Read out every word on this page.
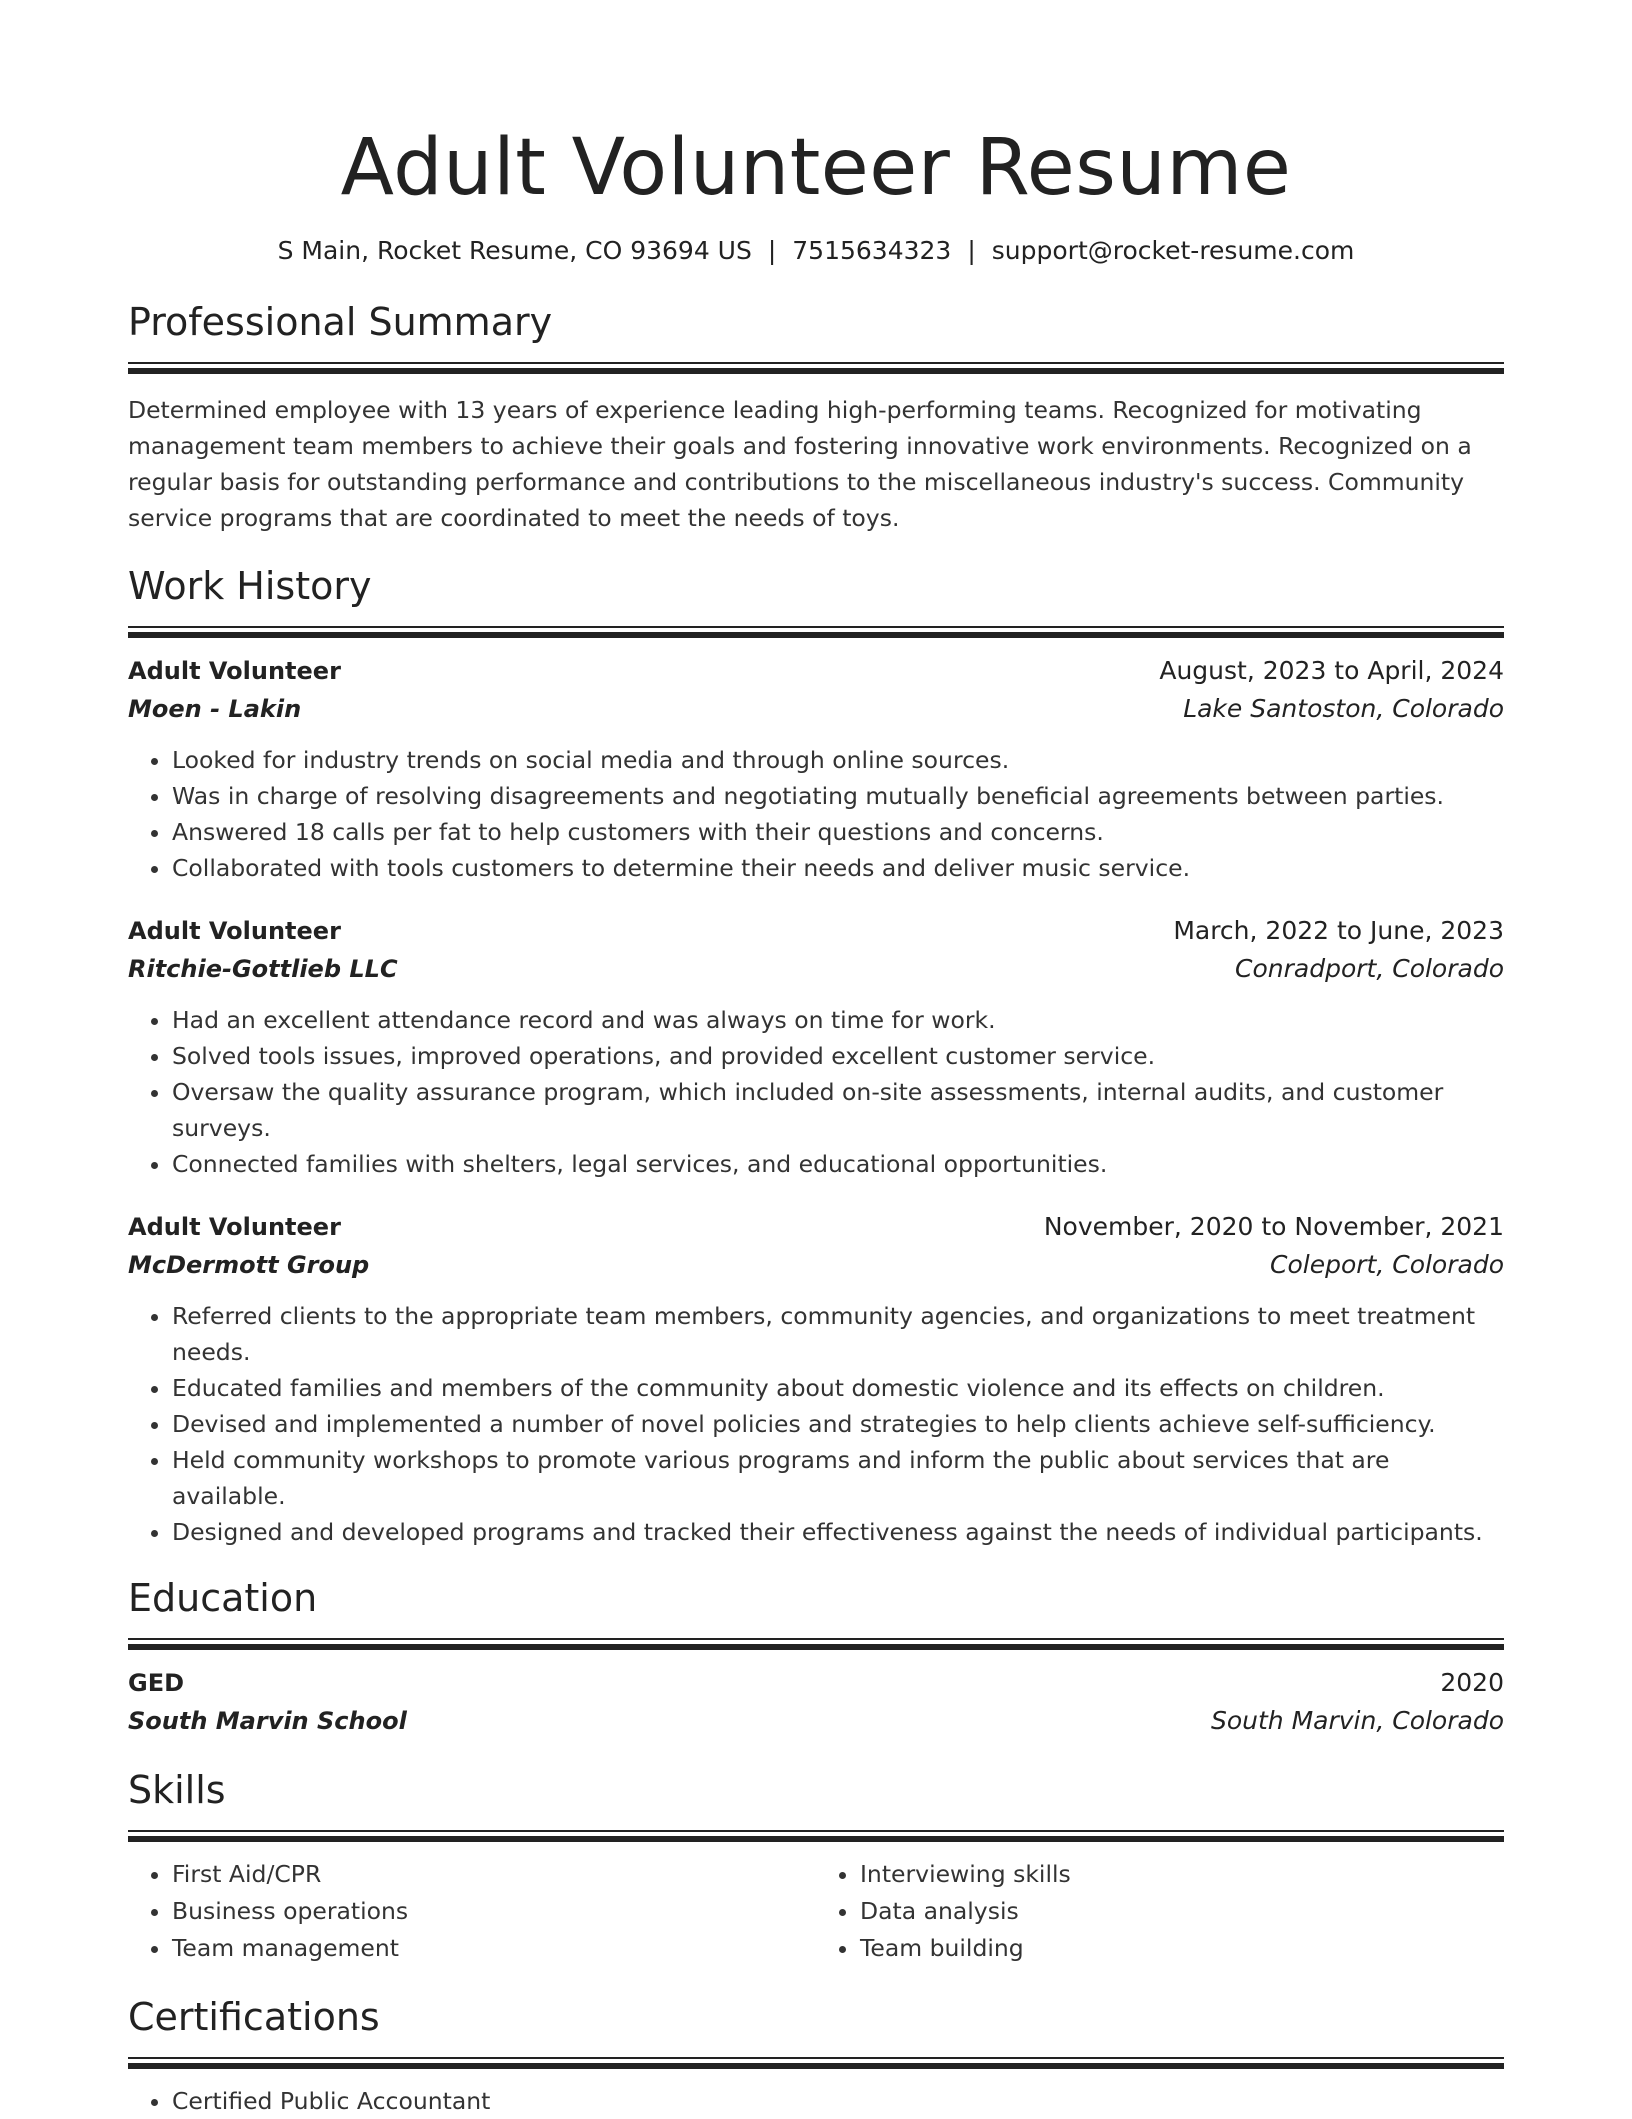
Adult Volunteer Resume
S Main, Rocket Resume, CO 93694 US | 7515634323 | support@rocket-resume.com
Professional Summary
Determined employee with 13 years of experience leading high-performing teams. Recognized for motivating management team members to achieve their goals and fostering innovative work environments. Recognized on a regular basis for outstanding performance and contributions to the miscellaneous industry's success. Community service programs that are coordinated to meet the needs of toys.
Work History
Adult Volunteer	August, 2023 to April, 2024
Moen - Lakin	Lake Santoston, Colorado
• Looked for industry trends on social media and through online sources.
• Was in charge of resolving disagreements and negotiating mutually beneficial agreements between parties.
• Answered 18 calls per fat to help customers with their questions and concerns.
• Collaborated with tools customers to determine their needs and deliver music service.
Adult Volunteer	March, 2022 to June, 2023
Ritchie-Gottlieb LLC	Conradport, Colorado
• Had an excellent attendance record and was always on time for work.
• Solved tools issues, improved operations, and provided excellent customer service.
• Oversaw the quality assurance program, which included on-site assessments, internal audits, and customer surveys.
• Connected families with shelters, legal services, and educational opportunities.
Adult Volunteer	November, 2020 to November, 2021
McDermott Group	Coleport, Colorado
• Referred clients to the appropriate team members, community agencies, and organizations to meet treatment needs.
• Educated families and members of the community about domestic violence and its effects on children.
• Devised and implemented a number of novel policies and strategies to help clients achieve self-sufficiency.
• Held community workshops to promote various programs and inform the public about services that are available.
• Designed and developed programs and tracked their effectiveness against the needs of individual participants.
Education
GED	2020
South Marvin School	South Marvin, Colorado
Skills
• First Aid/CPR
• Business operations
• Team management
• Interviewing skills
• Data analysis
• Team building
Certifications
• Certified Public Accountant
